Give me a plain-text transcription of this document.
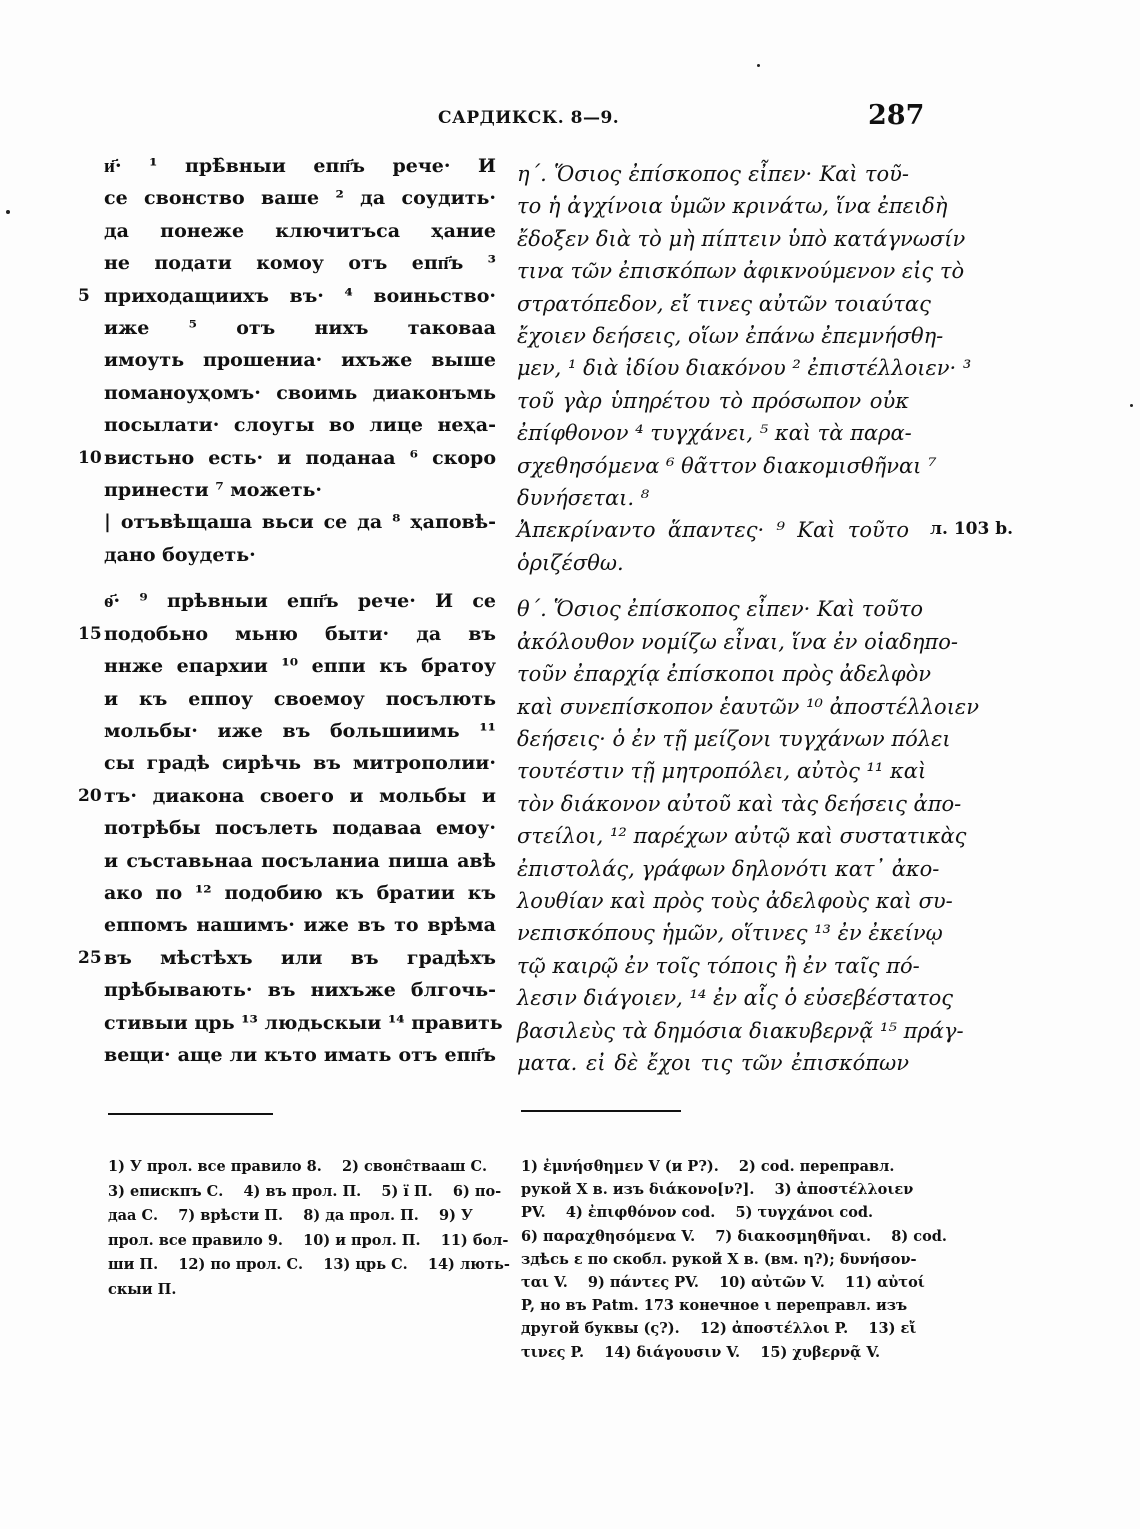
САРДИКСК. 8—9.	287
и҃· ¹ прѣ̑вныи епп҃ъ рече· И
се свонство ваше ² да соудить·
да понеже ключитъса ҳание
не подати комоу отъ епп҃ъ ³
5 приходащиихъ въ· ⁴ воиньство·
иже ⁵ отъ нихъ таковаа
имоуть прошениа· ихъже выше
поманоуҳомъ· своимь диаконъмь
посылати· слоугы во лице неҳа-
10 вистьно есть· и поданаа ⁶ скоро
принести ⁷ можеть·
| отъвѣщаша вьси се да ⁸ ҳаповѣ-
дано боудеть·
ѳ҃· ⁹ прѣвныи епп҃ъ рече· И се
15 подобьно мьню быти· да въ
ннже епархии ¹⁰ еппи къ братоу
и къ еппоу своемоу посълють
мольбы· иже въ большиимь ¹¹
сы градѣ сирѣчь въ митрополии·
20 тъ· диакона своего и мольбы и
потрѣбы посълеть подаваа емоу·
и съставьнаа посъланиа пиша авѣ
ако по ¹² подобию къ братии къ
еппомъ нашимъ· иже въ то врѣма
25 въ мѣстѣхъ или въ градѣхъ
прѣбывають· въ нихъже блгочь-
стивыи црь ¹³ людьскыи ¹⁴ править
вещи· аще ли къто имать отъ епп҃ъ
η΄. Ὅσιος ἐπίσκοπος εἶπεν· Καὶ τοῦ-
το ἡ ἀγχίνοια ὑμῶν κρινάτω, ἵνα ἐπειδὴ
ἔδοξεν διὰ τὸ μὴ πίπτειν ὑπὸ κατάγνωσίν
τινα τῶν ἐπισκόπων ἀφικνούμενον εἰς τὸ
στρατόπεδον, εἴ τινες αὐτῶν τοιαύτας
ἔχοιεν δεήσεις, οἵων ἐπάνω ἐπεμνήσθη-
μεν, ¹ διὰ ἰδίου διακόνου ² ἐπιστέλλοιεν· ³
τοῦ γὰρ ὑπηρέτου τὸ πρόσωπον οὐκ
ἐπίφθονον ⁴ τυγχάνει, ⁵ καὶ τὰ παρα-
σχεθησόμενα ⁶ θᾶττον διακομισθῆναι ⁷
δυνήσεται. ⁸
Ἀπεκρίναντο ἅπαντες· ⁹ Καὶ τοῦτο
ὁριζέσθω.
θ΄. Ὅσιος ἐπίσκοπος εἶπεν· Καὶ τοῦτο
ἀκόλουθον νομίζω εἶναι, ἵνα ἐν οἱαδηπο-
τοῦν ἐπαρχίᾳ ἐπίσκοποι πρὸς ἀδελφὸν
καὶ συνεπίσκοπον ἑαυτῶν ¹⁰ ἀποστέλλοιεν
δεήσεις· ὁ ἐν τῇ μείζονι τυγχάνων πόλει
τουτέστιν τῇ μητροπόλει, αὐτὸς ¹¹ καὶ
τὸν διάκονον αὐτοῦ καὶ τὰς δεήσεις ἀπο-
στείλοι, ¹² παρέχων αὐτῷ καὶ συστατικὰς
ἐπιστολάς, γράφων δηλονότι κατ᾿ ἀκο-
λουθίαν καὶ πρὸς τοὺς ἀδελφοὺς καὶ συ-
νεπισκόπους ἡμῶν, οἵτινες ¹³ ἐν ἐκείνῳ
τῷ καιρῷ ἐν τοῖς τόποις ἢ ἐν ταῖς πό-
λεσιν διάγοιεν, ¹⁴ ἐν αἷς ὁ εὐσεβέστατος
βασιλεὺς τὰ δημόσια διακυβερνᾷ ¹⁵ πράγ-
ματα. εἰ δὲ ἔχοι τις τῶν ἐπισκόπων
л. 103 b.
1) У прол. все правило 8.    2) свонс̑твааш С.
3) епискпъ С.    4) въ прол. П.    5) ı̈ П.    6) по-
даа С.    7) врѣсти П.    8) да прол. П.    9) У
прол. все правило 9.    10) и прол. П.    11) бол-
ши П.    12) по прол. С.    13) црь С.    14) лють-
скыи П.
1) ἐμνήσθημεν V (и P?).    2) cod. переправл.
рукой X в. изъ διάκονο[ν?].    3) ἀποστέλλοιεν
PV.    4) ἐπιφθόνον cod.    5) τυγχάνοι cod.
6) παραχθησόμενα V.    7) διακοσμηθῆναι.    8) cod.
здѣсь ε по скобл. рукой X в. (вм. η?); δυνήσον-
ται V.    9) πάντες PV.    10) αὐτῶν V.    11) αὐτοί
P, но въ Patm. 173 конечное ι переправл. изъ
другой буквы (ς?).    12) ἀποστέλλοι P.    13) εἴ
τινες P.    14) διάγουσιν V.    15) χυβερνᾷ V.
